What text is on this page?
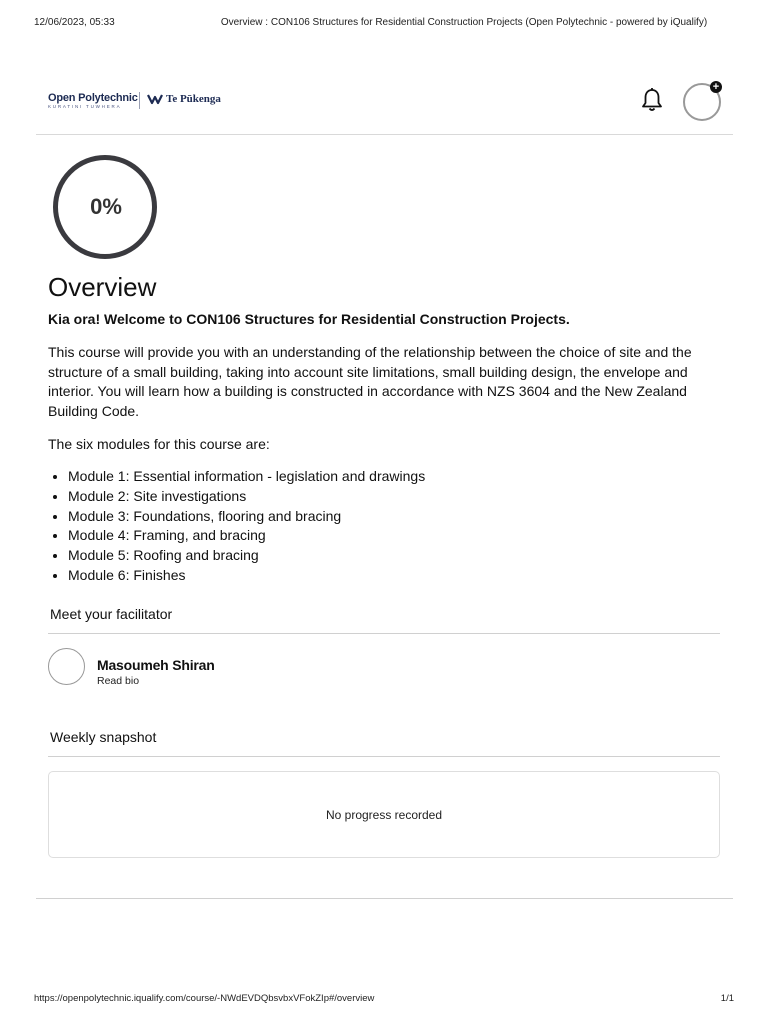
12/06/2023, 05:33	Overview : CON106 Structures for Residential Construction Projects (Open Polytechnic - powered by iQualify)
Open Polytechnic
KURATINI TUWHERA
Te Pūkenga
+
0%
Overview

Kia ora! Welcome to CON106 Structures for Residential Construction Projects.

This course will provide you with an understanding of the relationship between the choice of site and the structure of a small building, taking into account site limitations, small building design, the envelope and interior. You will learn how a building is constructed in accordance with NZS 3604 and the New Zealand Building Code.

The six modules for this course are:

• Module 1: Essential information - legislation and drawings
• Module 2: Site investigations
• Module 3: Foundations, flooring and bracing
• Module 4: Framing, and bracing
• Module 5: Roofing and bracing
• Module 6: Finishes
Meet your facilitator
Masoumeh Shiran
Read bio
Weekly snapshot
No progress recorded
https://openpolytechnic.iqualify.com/course/-NWdEVDQbsvbxVFokZIp#/overview	1/1
